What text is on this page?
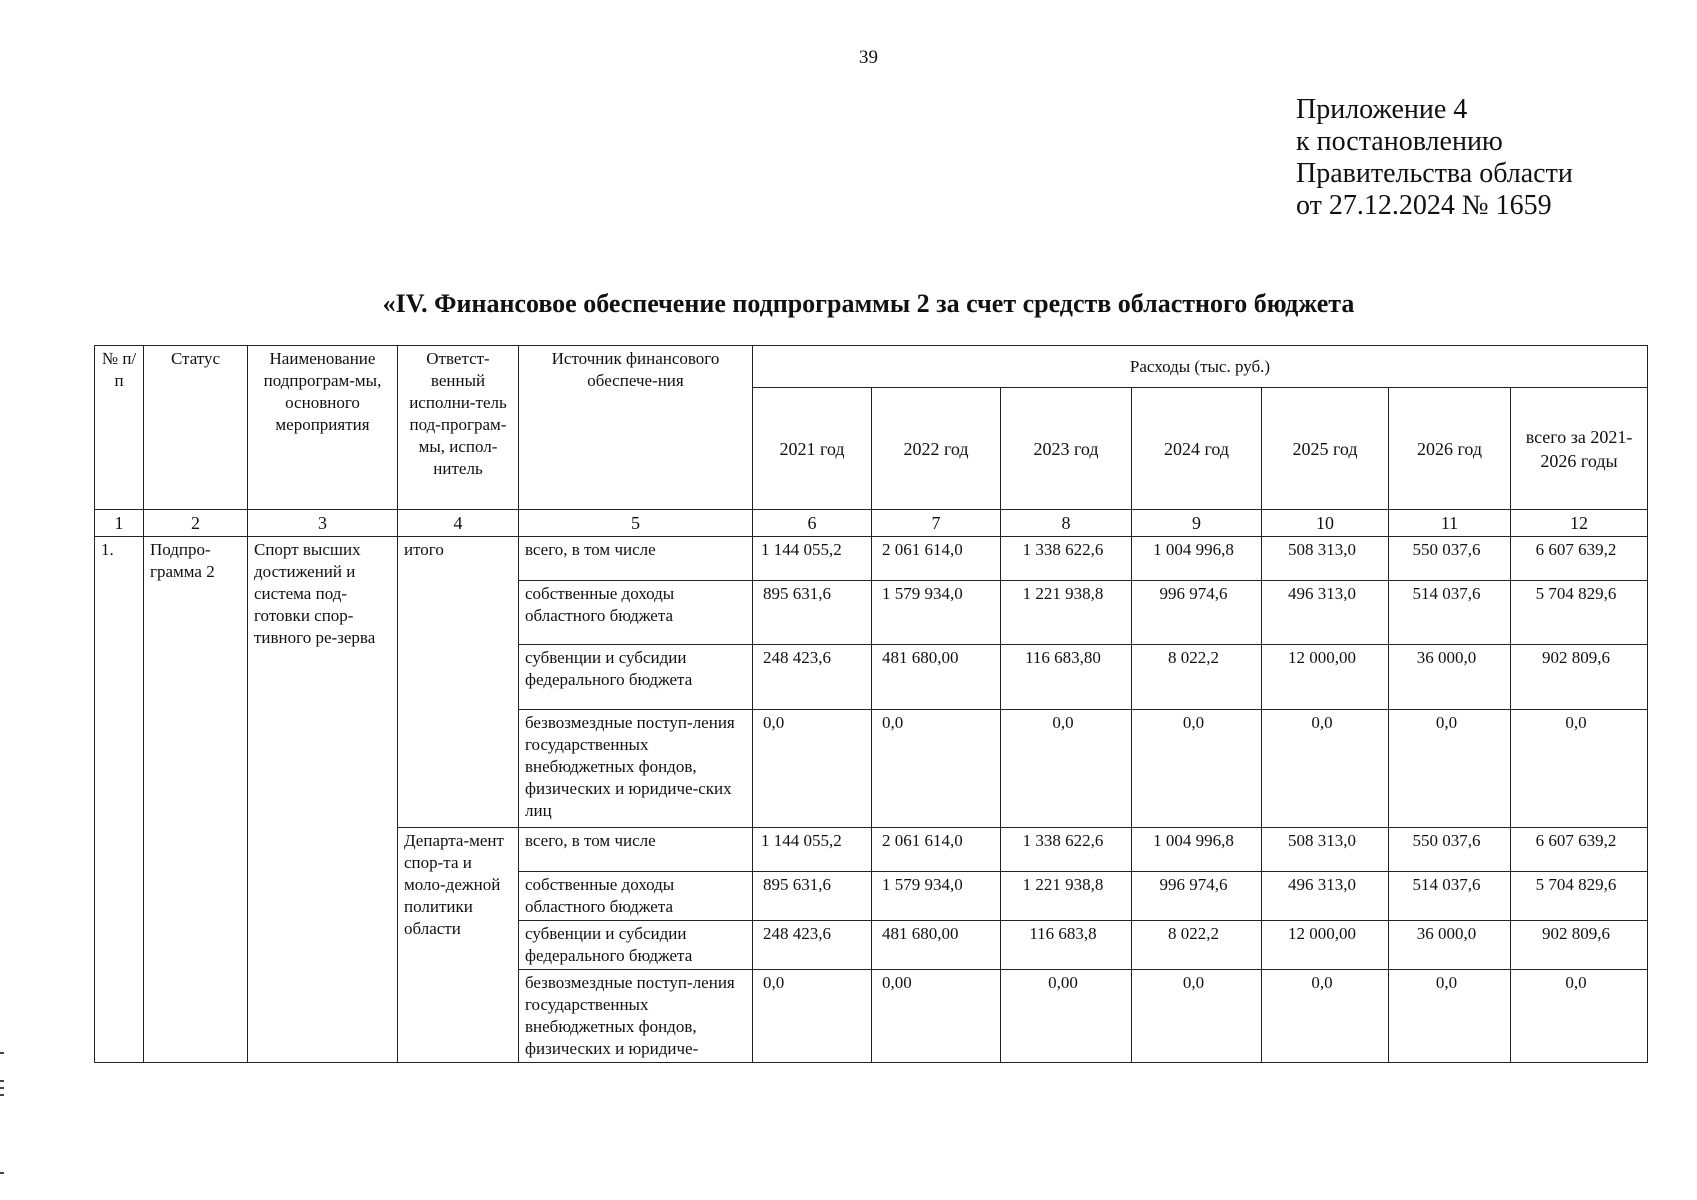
39
Приложение 4
к постановлению
Правительства области
от 27.12.2024 № 1659
«IV. Финансовое обеспечение подпрограммы 2 за счет средств областного бюджета
№ п/п	Статус	Наименование подпрограм-мы, основного мероприятия	Ответст-венный исполни-тель под-програм-мы, испол-нитель	Источник финансового обеспече-ния	Расходы (тыс. руб.)						
					2021 год	2022 год	2023 год	2024 год	2025 год	2026 год	всего за 2021-2026 годы
1	2	3	4	5	6	7	8	9	10	11	12
1.	Подпро-грамма 2	Спорт высших достижений и система под-готовки спор-тивного ре-зерва	итого	всего, в том числе	1 144 055,2	2 061 614,0	1 338 622,6	1 004 996,8	508 313,0	550 037,6	6 607 639,2
				собственные доходы областного бюджета	895 631,6	1 579 934,0	1 221 938,8	996 974,6	496 313,0	514 037,6	5 704 829,6
				субвенции и субсидии федерального бюджета	248 423,6	481 680,00	116 683,80	8 022,2	12 000,00	36 000,0	902 809,6
				безвозмездные поступ-ления государственных внебюджетных фондов, физических и юридиче-ских лиц	0,0	0,0	0,0	0,0	0,0	0,0	0,0
			Департа-мент спор-та и моло-дежной политики области	всего, в том числе	1 144 055,2	2 061 614,0	1 338 622,6	1 004 996,8	508 313,0	550 037,6	6 607 639,2
				собственные доходы областного бюджета	895 631,6	1 579 934,0	1 221 938,8	996 974,6	496 313,0	514 037,6	5 704 829,6
				субвенции и субсидии федерального бюджета	248 423,6	481 680,00	116 683,8	8 022,2	12 000,00	36 000,0	902 809,6
				безвозмездные поступ-ления государственных внебюджетных фондов, физических и юридиче-	0,0	0,00	0,00	0,0	0,0	0,0	0,0
